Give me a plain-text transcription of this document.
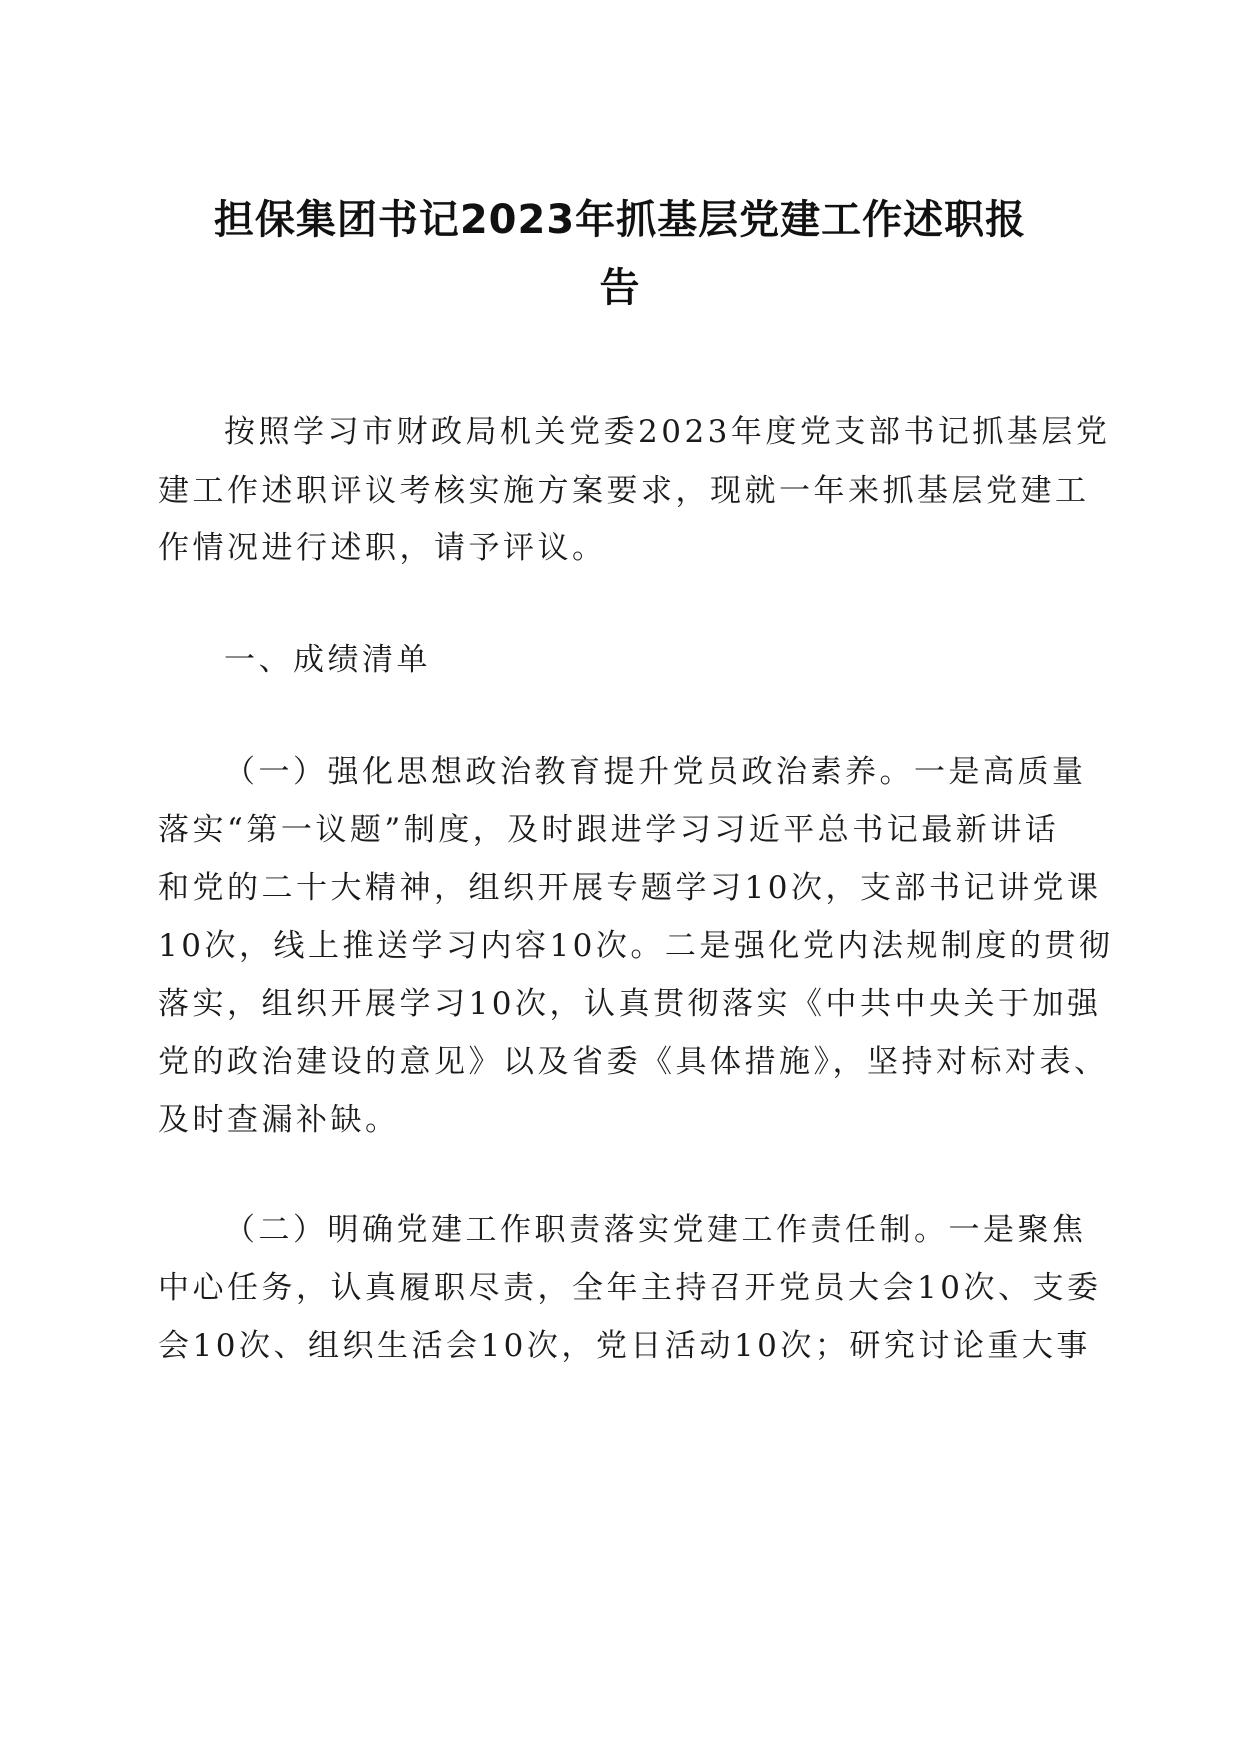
担保集团书记2023年抓基层党建工作述职报
告
按照学习市财政局机关党委2023年度党支部书记抓基层党
建工作述职评议考核实施方案要求，现就一年来抓基层党建工
作情况进行述职，请予评议。
一、成绩清单
（一）强化思想政治教育提升党员政治素养。一是高质量
落实“第一议题”制度，及时跟进学习习近平总书记最新讲话
和党的二十大精神，组织开展专题学习10次，支部书记讲党课
10次，线上推送学习内容10次。二是强化党内法规制度的贯彻
落实，组织开展学习10次，认真贯彻落实《中共中央关于加强
党的政治建设的意见》以及省委《具体措施》，坚持对标对表、
及时查漏补缺。
（二）明确党建工作职责落实党建工作责任制。一是聚焦
中心任务，认真履职尽责，全年主持召开党员大会10次、支委
会10次、组织生活会10次，党日活动10次；研究讨论重大事
